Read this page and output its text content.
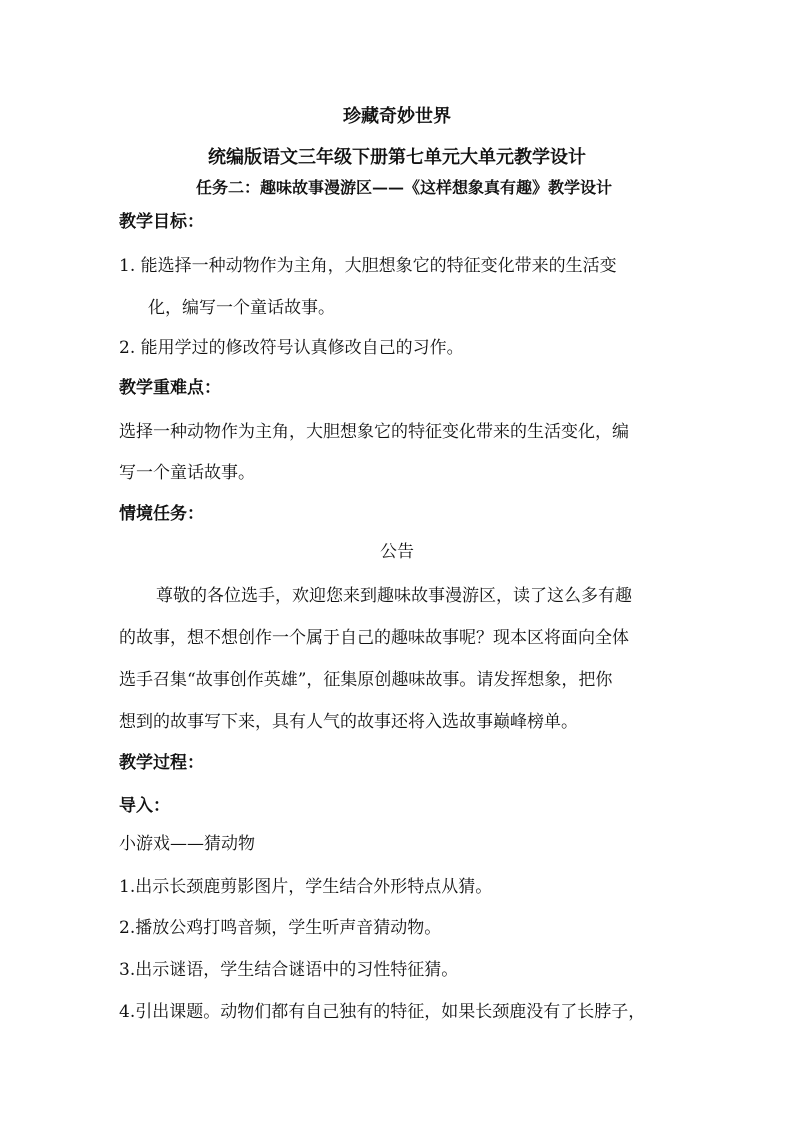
珍藏奇妙世界
统编版语文三年级下册第七单元大单元教学设计
任务二：趣味故事漫游区——《这样想象真有趣》教学设计
教学目标：
1. 能选择一种动物作为主角，大胆想象它的特征变化带来的生活变
化，编写一个童话故事。
2. 能用学过的修改符号认真修改自己的习作。
教学重难点：
选择一种动物作为主角，大胆想象它的特征变化带来的生活变化，编
写一个童话故事。
情境任务：
公告
尊敬的各位选手，欢迎您来到趣味故事漫游区，读了这么多有趣
的故事，想不想创作一个属于自己的趣味故事呢？现本区将面向全体
选手召集“故事创作英雄”，征集原创趣味故事。请发挥想象，把你
想到的故事写下来，具有人气的故事还将入选故事巅峰榜单。
教学过程：
导入：
小游戏——猜动物
1.出示长颈鹿剪影图片，学生结合外形特点从猜。
2.播放公鸡打鸣音频，学生听声音猜动物。
3.出示谜语，学生结合谜语中的习性特征猜。
4.引出课题。动物们都有自己独有的特征，如果长颈鹿没有了长脖子，
